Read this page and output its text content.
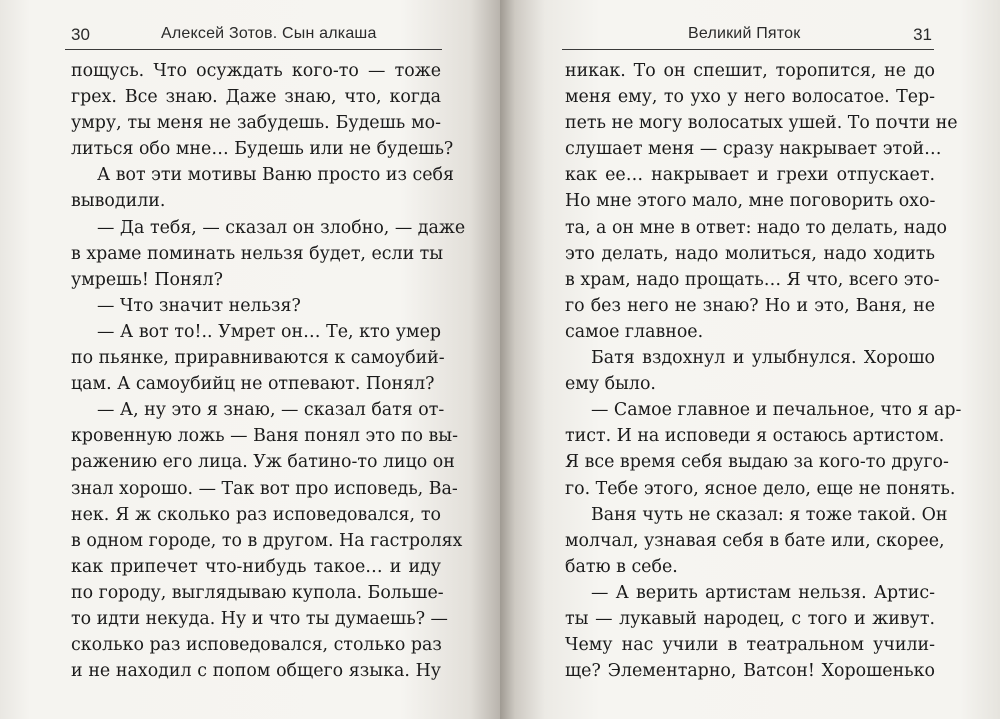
30	Алексей Зотов. Сын алкаша
пощусь. Что осуждать кого-то — тоже
грех. Все знаю. Даже знаю, что, когда
умру, ты меня не забудешь. Будешь мо-
литься обо мне… Будешь или не будешь?
А вот эти мотивы Ваню просто из себя
выводили.
— Да тебя, — сказал он злобно, — даже
в храме поминать нельзя будет, если ты
умрешь! Понял?
— Что значит нельзя?
— А вот то!.. Умрет он… Те, кто умер
по пьянке, приравниваются к самоубий-
цам. А самоубийц не отпевают. Понял?
— А, ну это я знаю, — сказал батя от-
кровенную ложь — Ваня понял это по вы-
ражению его лица. Уж батино-то лицо он
знал хорошо. — Так вот про исповедь, Ва-
нек. Я ж сколько раз исповедовался, то
в одном городе, то в другом. На гастролях
как припечет что-нибудь такое… и иду
по городу, выглядываю купола. Больше-
то идти некуда. Ну и что ты думаешь? —
сколько раз исповедовался, столько раз
и не находил с попом общего языка. Ну
Великий Пяток	31
никак. То он спешит, торопится, не до
меня ему, то ухо у него волосатое. Тер-
петь не могу волосатых ушей. То почти не
слушает меня — сразу накрывает этой…
как ее… накрывает и грехи отпускает.
Но мне этого мало, мне поговорить охо-
та, а он мне в ответ: надо то делать, надо
это делать, надо молиться, надо ходить
в храм, надо прощать… Я что, всего это-
го без него не знаю? Но и это, Ваня, не
самое главное.
Батя вздохнул и улыбнулся. Хорошо
ему было.
— Самое главное и печальное, что я ар-
тист. И на исповеди я остаюсь артистом.
Я все время себя выдаю за кого-то друго-
го. Тебе этого, ясное дело, еще не понять.
Ваня чуть не сказал: я тоже такой. Он
молчал, узнавая себя в бате или, скорее,
батю в себе.
— А верить артистам нельзя. Артис-
ты — лукавый народец, с того и живут.
Чему нас учили в театральном учили-
ще? Элементарно, Ватсон! Хорошенько
